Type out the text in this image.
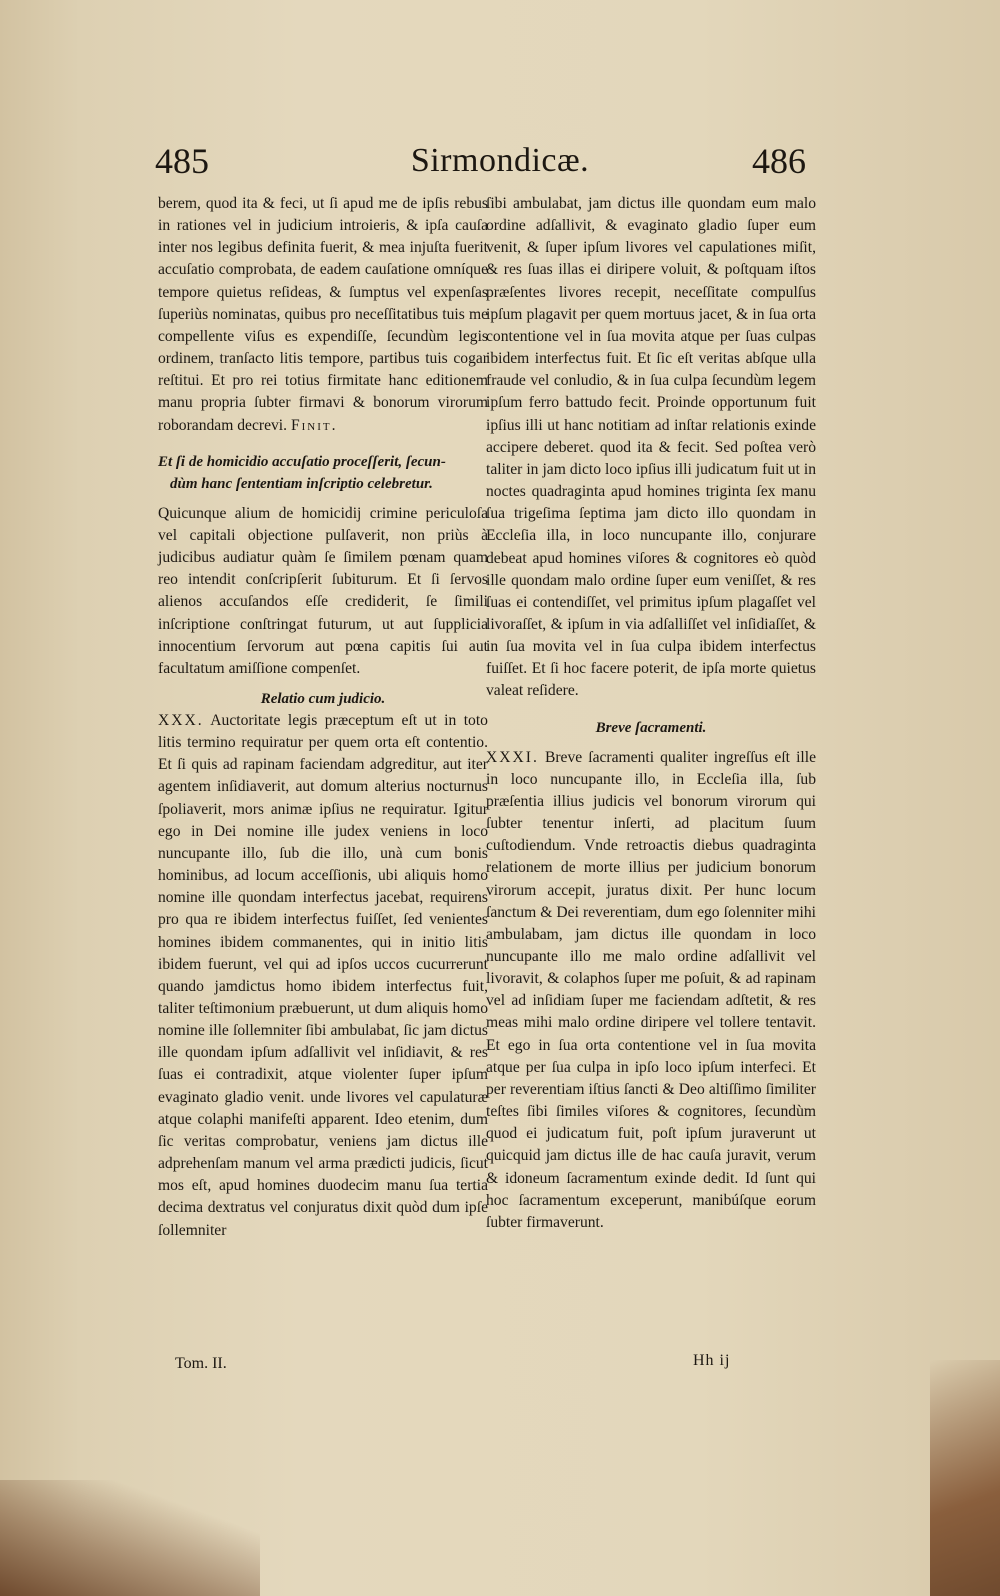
485	Sirmondicæ.	486

berem, quod ita & feci, ut ſi apud me de ipſis rebus in rationes vel in judicium introieris, & ipſa cauſa inter nos legibus definita fuerit, & mea injuſta fuerit accuſatio comprobata, de eadem cauſatione omníque tempore quietus reſideas, & ſumptus vel expenſas ſuperiùs nominatas, quibus pro neceſſitatibus tuis me compellente viſus es expendiſſe, ſecundùm legis ordinem, tranſacto litis tempore, partibus tuis cogar reſtitui. Et pro rei totius firmitate hanc editionem manu propria ſubter firmavi & bonorum virorum roborandam decrevi. Finit.

Et ſi de homicidio accuſatio proceſſerit, ſecun-
dùm hanc ſententiam inſcriptio celebretur.

Quicunque alium de homicidij crimine periculoſa vel capitali objectione pulſaverit, non priùs à judicibus audiatur quàm ſe ſimilem pœnam quam reo intendit conſcripſerit ſubiturum. Et ſi ſervos alienos accuſandos eſſe crediderit, ſe ſimili inſcriptione conſtringat futurum, ut aut ſupplicia innocentium ſervorum aut pœna capitis ſui aut facultatum amiſſione compenſet.

Relatio cum judicio.

XXX. Auctoritate legis præceptum eſt ut in toto litis termino requiratur per quem orta eſt contentio. Et ſi quis ad rapinam faciendam adgreditur, aut iter agentem inſidiaverit, aut domum alterius nocturnus ſpoliaverit, mors animæ ipſius ne requiratur. Igitur ego in Dei nomine ille judex veniens in loco nuncupante illo, ſub die illo, unà cum bonis hominibus, ad locum acceſſionis, ubi aliquis homo nomine ille quondam interfectus jacebat, requirens pro qua re ibidem interfectus fuiſſet, ſed venientes homines ibidem commanentes, qui in initio litis ibidem fuerunt, vel qui ad ipſos uccos cucurrerunt quando jamdictus homo ibidem interfectus fuit, taliter teſtimonium præbuerunt, ut dum aliquis homo nomine ille ſollemniter ſibi ambulabat, ſic jam dictus ille quondam ipſum adſallivit vel inſidiavit, & res ſuas ei contradixit, atque violenter ſuper ipſum evaginato gladio venit. unde livores vel capulaturæ atque colaphi manifeſti apparent. Ideo etenim, dum ſic veritas comprobatur, veniens jam dictus ille adprehenſam manum vel arma prædicti judicis, ſicut mos eſt, apud homines duodecim manu ſua tertia decima dextratus vel conjuratus dixit quòd dum ipſe ſollemniter

ſibi ambulabat, jam dictus ille quondam eum malo ordine adſallivit, & evaginato gladio ſuper eum venit, & ſuper ipſum livores vel capulationes miſit, & res ſuas illas ei diripere voluit, & poſtquam iſtos præſentes livores recepit, neceſſitate compulſus ipſum plagavit per quem mortuus jacet, & in ſua orta contentione vel in ſua movita atque per ſuas culpas ibidem interfectus fuit. Et ſic eſt veritas abſque ulla fraude vel conludio, & in ſua culpa ſecundùm legem ipſum ferro battudo fecit. Proinde opportunum fuit ipſius illi ut hanc notitiam ad inſtar relationis exinde accipere deberet. quod ita & fecit. Sed poſtea verò taliter in jam dicto loco ipſius illi judicatum fuit ut in noctes quadraginta apud homines triginta ſex manu ſua trigeſima ſeptima jam dicto illo quondam in Eccleſia illa, in loco nuncupante illo, conjurare debeat apud homines viſores & cognitores eò quòd ille quondam malo ordine ſuper eum veniſſet, & res ſuas ei contendiſſet, vel primitus ipſum plagaſſet vel livoraſſet, & ipſum in via adſalliſſet vel inſidiaſſet, & in ſua movita vel in ſua culpa ibidem interfectus fuiſſet. Et ſi hoc facere poterit, de ipſa morte quietus valeat reſidere.

Breve ſacramenti.

XXXI. Breve ſacramenti qualiter ingreſſus eſt ille in loco nuncupante illo, in Eccleſia illa, ſub præſentia illius judicis vel bonorum virorum qui ſubter tenentur inſerti, ad placitum ſuum cuſtodiendum. Vnde retroactis diebus quadraginta relationem de morte illius per judicium bonorum virorum accepit, juratus dixit. Per hunc locum ſanctum & Dei reverentiam, dum ego ſolenniter mihi ambulabam, jam dictus ille quondam in loco nuncupante illo me malo ordine adſallivit vel livoravit, & colaphos ſuper me poſuit, & ad rapinam vel ad inſidiam ſuper me faciendam adſtetit, & res meas mihi malo ordine diripere vel tollere tentavit. Et ego in ſua orta contentione vel in ſua movita atque per ſua culpa in ipſo loco ipſum interfeci. Et per reverentiam iſtius ſancti & Deo altiſſimo ſimiliter teſtes ſibi ſimiles viſores & cognitores, ſecundùm quod ei judicatum fuit, poſt ipſum juraverunt ut quicquid jam dictus ille de hac cauſa juravit, verum & idoneum ſacramentum exinde dedit. Id ſunt qui hoc ſacramentum exceperunt, manibúſque eorum ſubter firmaverunt.

Tom. II.	Hh ij
